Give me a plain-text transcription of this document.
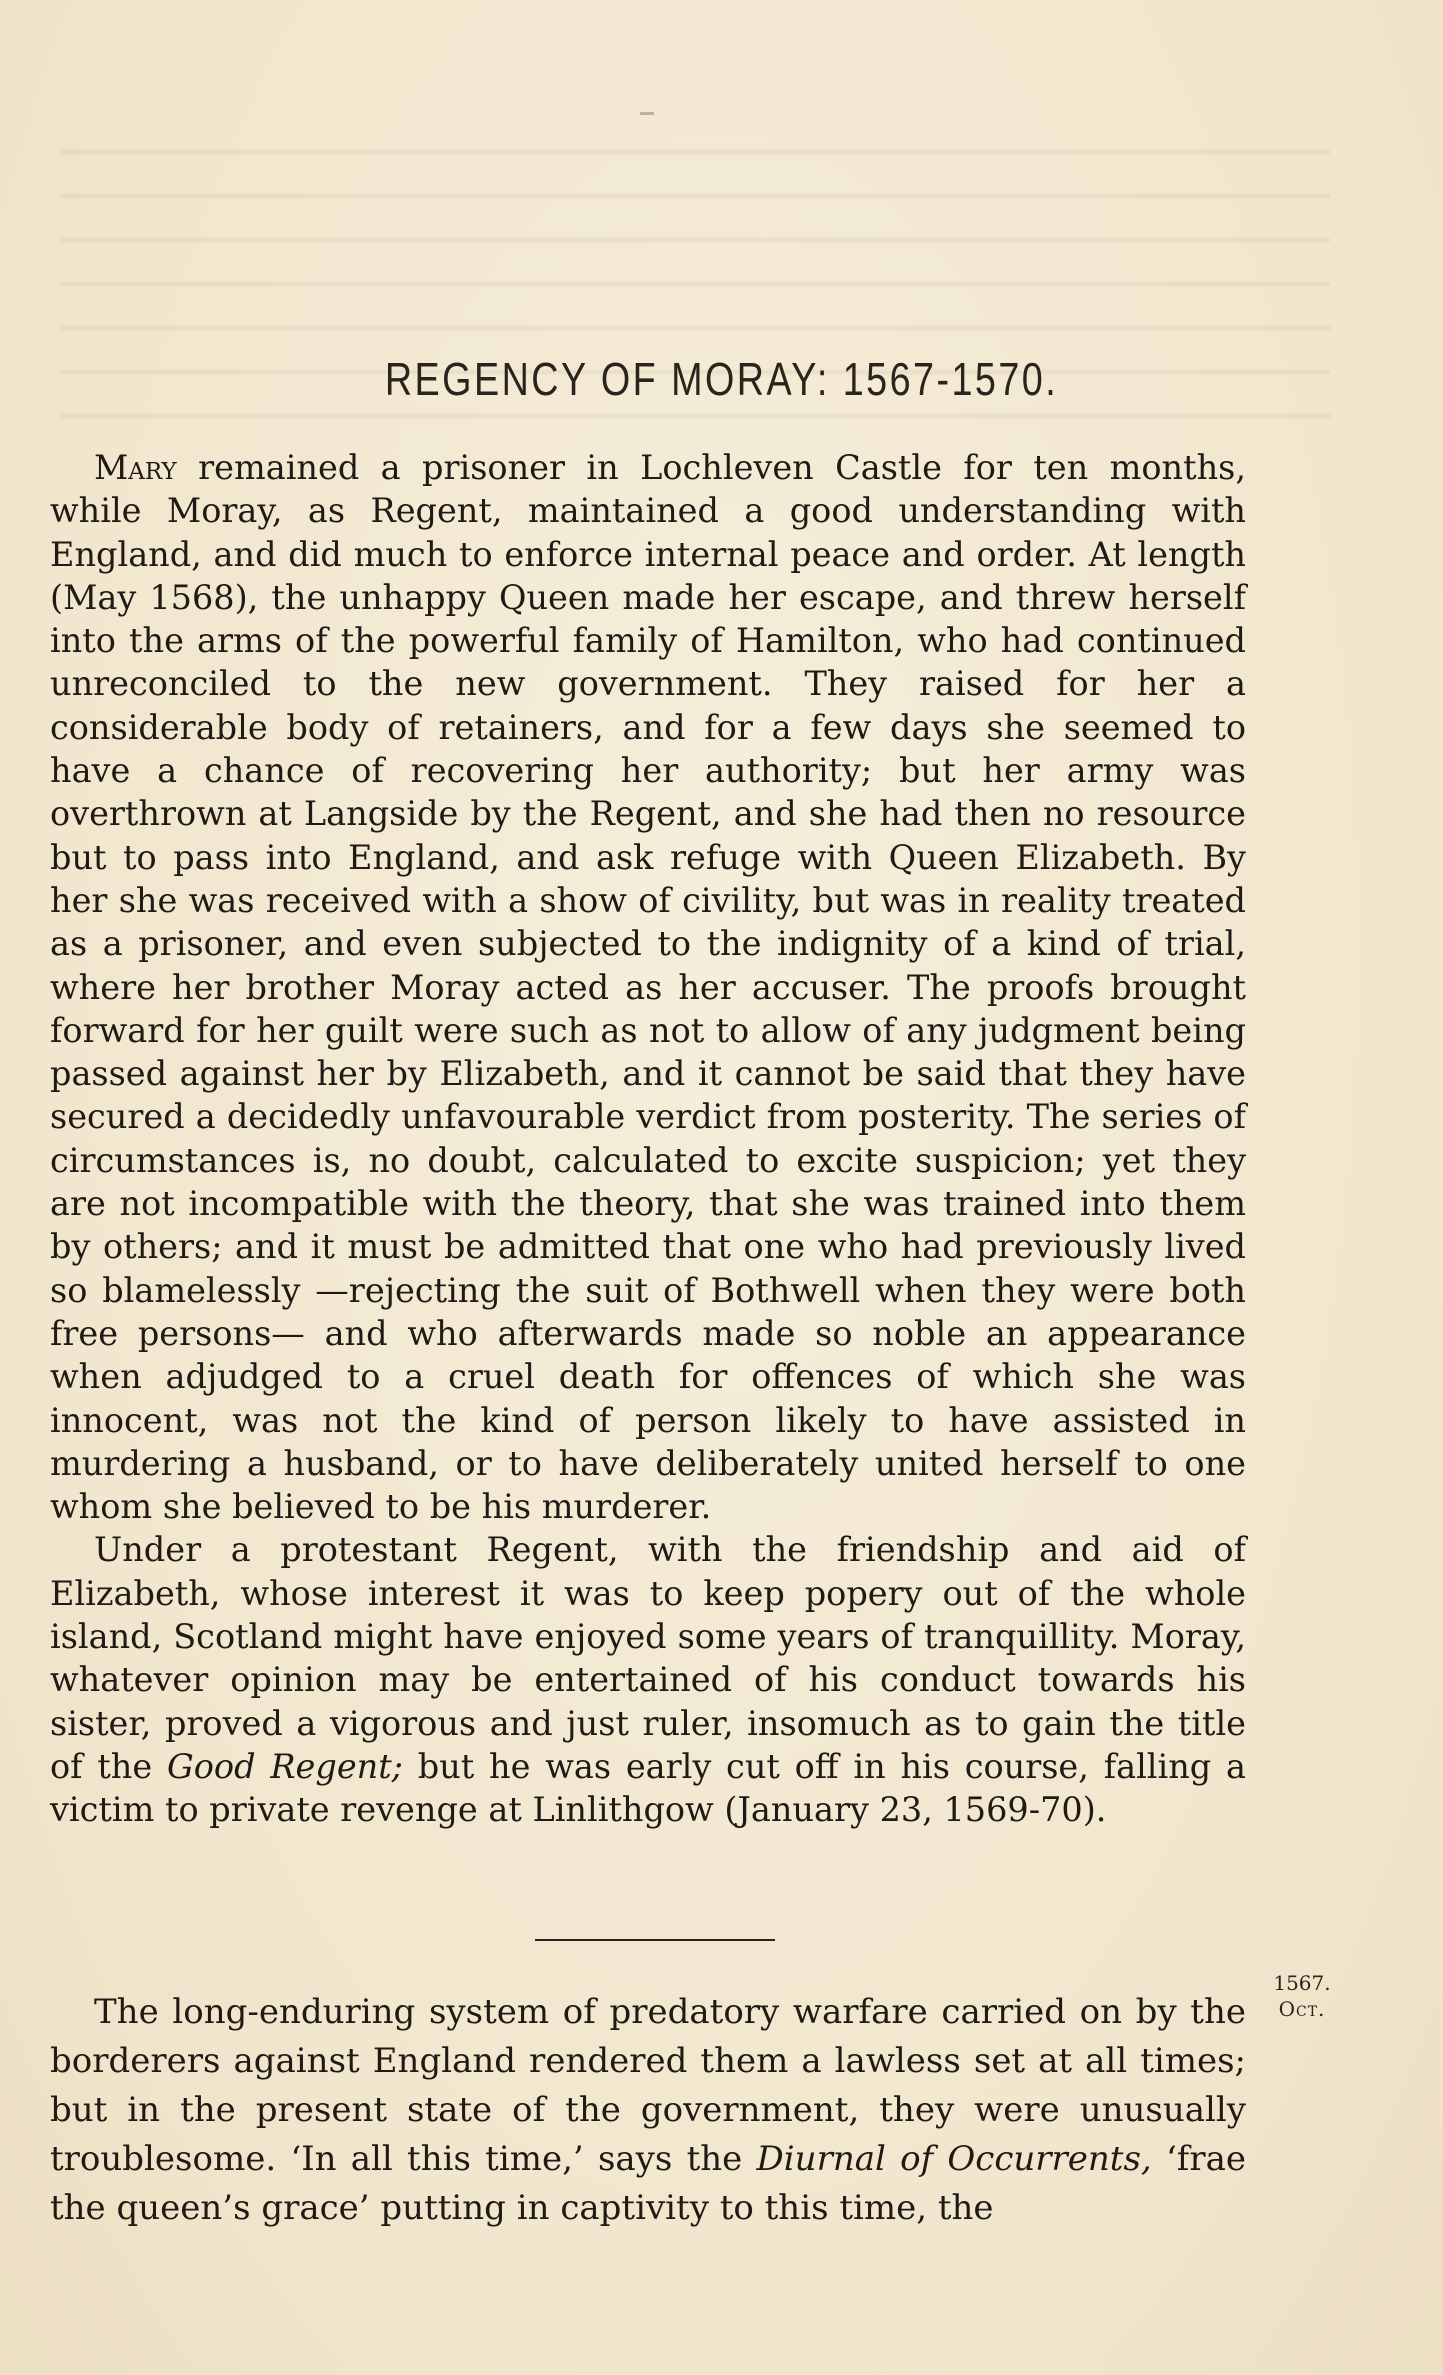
REGENCY OF MORAY: 1567-1570.

Mary remained a prisoner in Lochleven Castle for ten months, while Moray, as Regent, maintained a good understanding with England, and did much to enforce internal peace and order. At length (May 1568), the unhappy Queen made her escape, and threw herself into the arms of the powerful family of Hamilton, who had continued unreconciled to the new government. They raised for her a considerable body of retainers, and for a few days she seemed to have a chance of recovering her authority; but her army was overthrown at Langside by the Regent, and she had then no resource but to pass into England, and ask refuge with Queen Elizabeth. By her she was received with a show of civility, but was in reality treated as a prisoner, and even subjected to the indignity of a kind of trial, where her brother Moray acted as her accuser. The proofs brought forward for her guilt were such as not to allow of any judgment being passed against her by Elizabeth, and it cannot be said that they have secured a decidedly unfavourable verdict from posterity. The series of circumstances is, no doubt, calculated to excite suspicion; yet they are not incompatible with the theory, that she was trained into them by others; and it must be admitted that one who had previously lived so blamelessly —rejecting the suit of Bothwell when they were both free persons— and who afterwards made so noble an appearance when adjudged to a cruel death for offences of which she was innocent, was not the kind of person likely to have assisted in murdering a husband, or to have deliberately united herself to one whom she believed to be his murderer.

Under a protestant Regent, with the friendship and aid of Elizabeth, whose interest it was to keep popery out of the whole island, Scotland might have enjoyed some years of tranquillity. Moray, whatever opinion may be entertained of his conduct towards his sister, proved a vigorous and just ruler, insomuch as to gain the title of the Good Regent; but he was early cut off in his course, falling a victim to private revenge at Linlithgow (January 23, 1569-70).

1567.
Oct.

The long-enduring system of predatory warfare carried on by the borderers against England rendered them a lawless set at all times; but in the present state of the government, they were unusually troublesome. ‘In all this time,’ says the Diurnal of Occurrents, ‘frae the queen’s grace’ putting in captivity to this time, the
